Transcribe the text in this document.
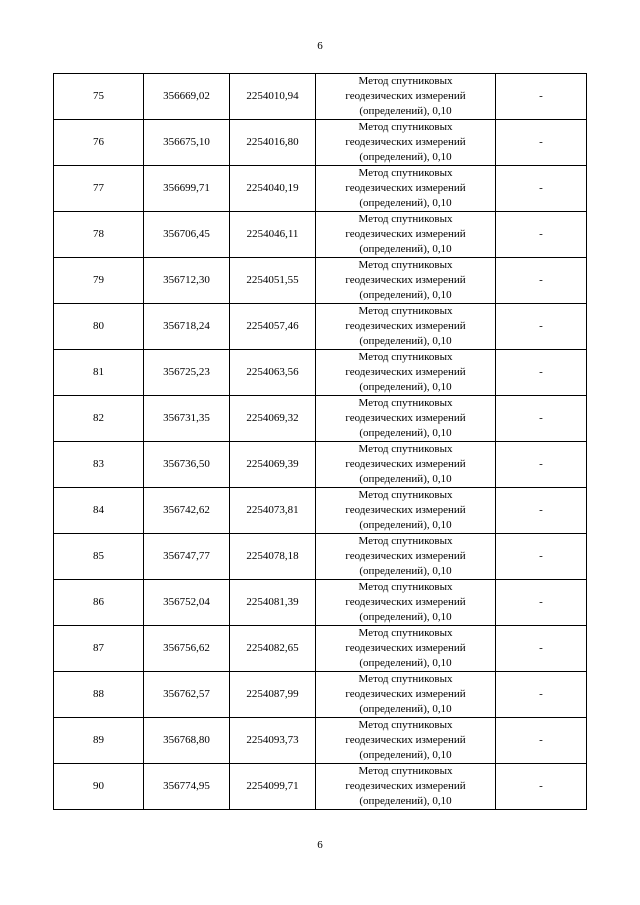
6
75	356669,02	2254010,94	Метод спутниковых
геодезических измерений
(определений), 0,10	-
76	356675,10	2254016,80	Метод спутниковых
геодезических измерений
(определений), 0,10	-
77	356699,71	2254040,19	Метод спутниковых
геодезических измерений
(определений), 0,10	-
78	356706,45	2254046,11	Метод спутниковых
геодезических измерений
(определений), 0,10	-
79	356712,30	2254051,55	Метод спутниковых
геодезических измерений
(определений), 0,10	-
80	356718,24	2254057,46	Метод спутниковых
геодезических измерений
(определений), 0,10	-
81	356725,23	2254063,56	Метод спутниковых
геодезических измерений
(определений), 0,10	-
82	356731,35	2254069,32	Метод спутниковых
геодезических измерений
(определений), 0,10	-
83	356736,50	2254069,39	Метод спутниковых
геодезических измерений
(определений), 0,10	-
84	356742,62	2254073,81	Метод спутниковых
геодезических измерений
(определений), 0,10	-
85	356747,77	2254078,18	Метод спутниковых
геодезических измерений
(определений), 0,10	-
86	356752,04	2254081,39	Метод спутниковых
геодезических измерений
(определений), 0,10	-
87	356756,62	2254082,65	Метод спутниковых
геодезических измерений
(определений), 0,10	-
88	356762,57	2254087,99	Метод спутниковых
геодезических измерений
(определений), 0,10	-
89	356768,80	2254093,73	Метод спутниковых
геодезических измерений
(определений), 0,10	-
90	356774,95	2254099,71	Метод спутниковых
геодезических измерений
(определений), 0,10	-
6
